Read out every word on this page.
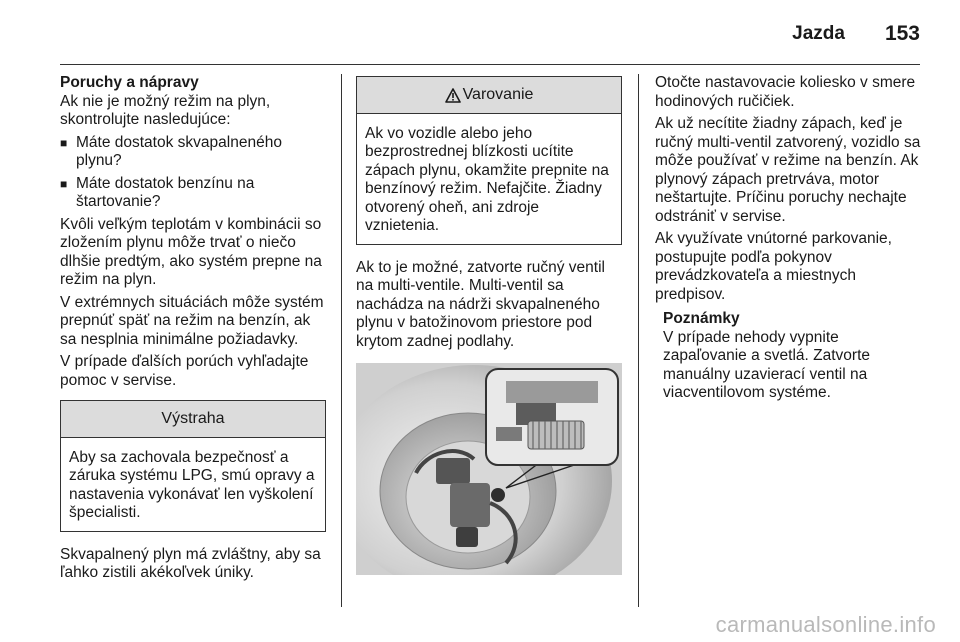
Jazda 153
Poruchy a nápravy

Ak nie je možný režim na plyn, skontrolujte nasledujúce:

■ Máte dostatok skvapalneného plynu?
■ Máte dostatok benzínu na štartovanie?

Kvôli veľkým teplotám v kombinácii so zložením plynu môže trvať o niečo dlhšie predtým, ako systém prepne na režim na plyn.

V extrémnych situáciách môže systém prepnúť späť na režim na benzín, ak sa nesplnia minimálne požiadavky.

V prípade ďalších porúch vyhľadajte pomoc v servise.

Výstraha
Aby sa zachovala bezpečnosť a záruka systému LPG, smú opravy a nastavenia vykonávať len vyškolení špecialisti.

Skvapalnený plyn má zvláštny, aby sa ľahko zistili akékoľvek úniky.

Varovanie
Ak vo vozidle alebo jeho bezprostrednej blízkosti ucítite zápach plynu, okamžite prepnite na benzínový režim. Nefajčite. Žiadny otvorený oheň, ani zdroje vznietenia.

Ak to je možné, zatvorte ručný ventil na multi-ventile. Multi-ventil sa nachádza na nádrži skvapalneného plynu v batožinovom priestore pod krytom zadnej podlahy.

Otočte nastavovacie koliesko v smere hodinových ručičiek.

Ak už necítite žiadny zápach, keď je ručný multi-ventil zatvorený, vozidlo sa môže používať v režime na benzín. Ak plynový zápach pretrváva, motor neštartujte. Príčinu poruchy nechajte odstrániť v servise.

Ak využívate vnútorné parkovanie, postupujte podľa pokynov prevádzkovateľa a miestnych predpisov.

Poznámky
V prípade nehody vypnite zapaľovanie a svetlá. Zatvorte manuálny uzavierací ventil na viacventilovom systéme.
carmanualsonline.info
